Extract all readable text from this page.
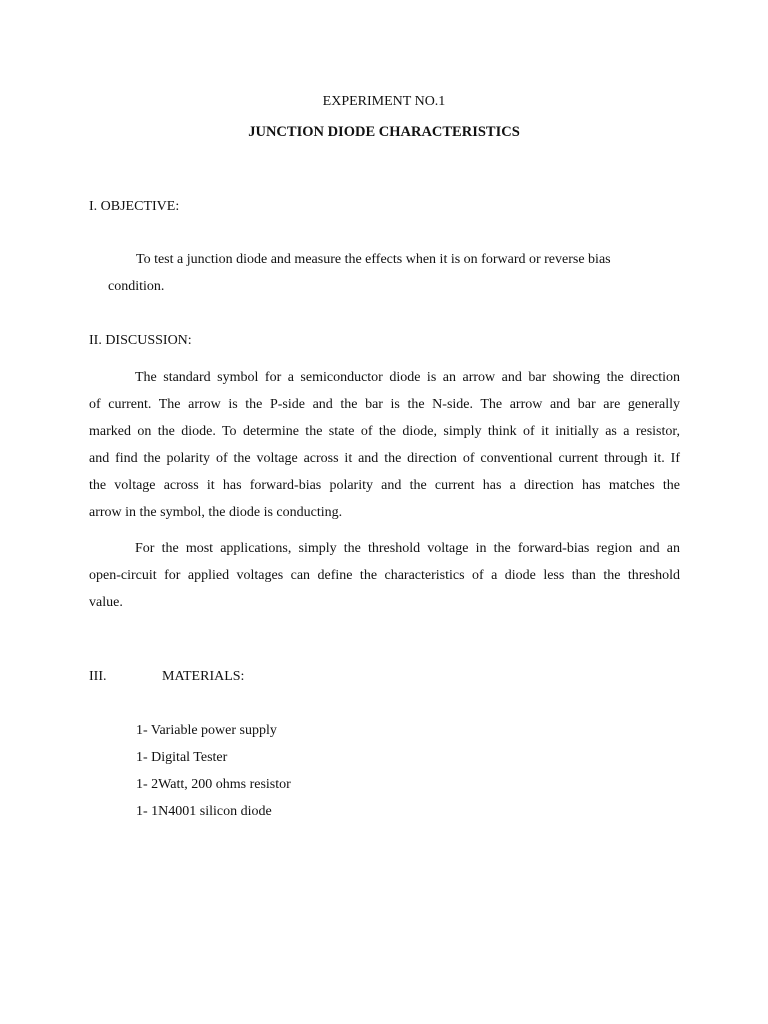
EXPERIMENT NO.1
JUNCTION DIODE CHARACTERISTICS
I. OBJECTIVE:
To test a junction diode and measure the effects when it is on forward or reverse bias
condition.
II. DISCUSSION:
The standard symbol for a semiconductor diode is an arrow and bar showing the direction
of current. The arrow is the P-side and the bar is the N-side. The arrow and bar are generally
marked on the diode. To determine the state of the diode, simply think of it initially as a resistor,
and find the polarity of the voltage across it and the direction of conventional current through it. If
the voltage across it has forward-bias polarity and the current has a direction has matches the
arrow in the symbol, the diode is conducting.
For the most applications, simply the threshold voltage in the forward-bias region and an
open-circuit for applied voltages can define the characteristics of a diode less than the threshold
value.
III.	MATERIALS:
1- Variable power supply
1- Digital Tester
1- 2Watt, 200 ohms resistor
1- 1N4001 silicon diode
